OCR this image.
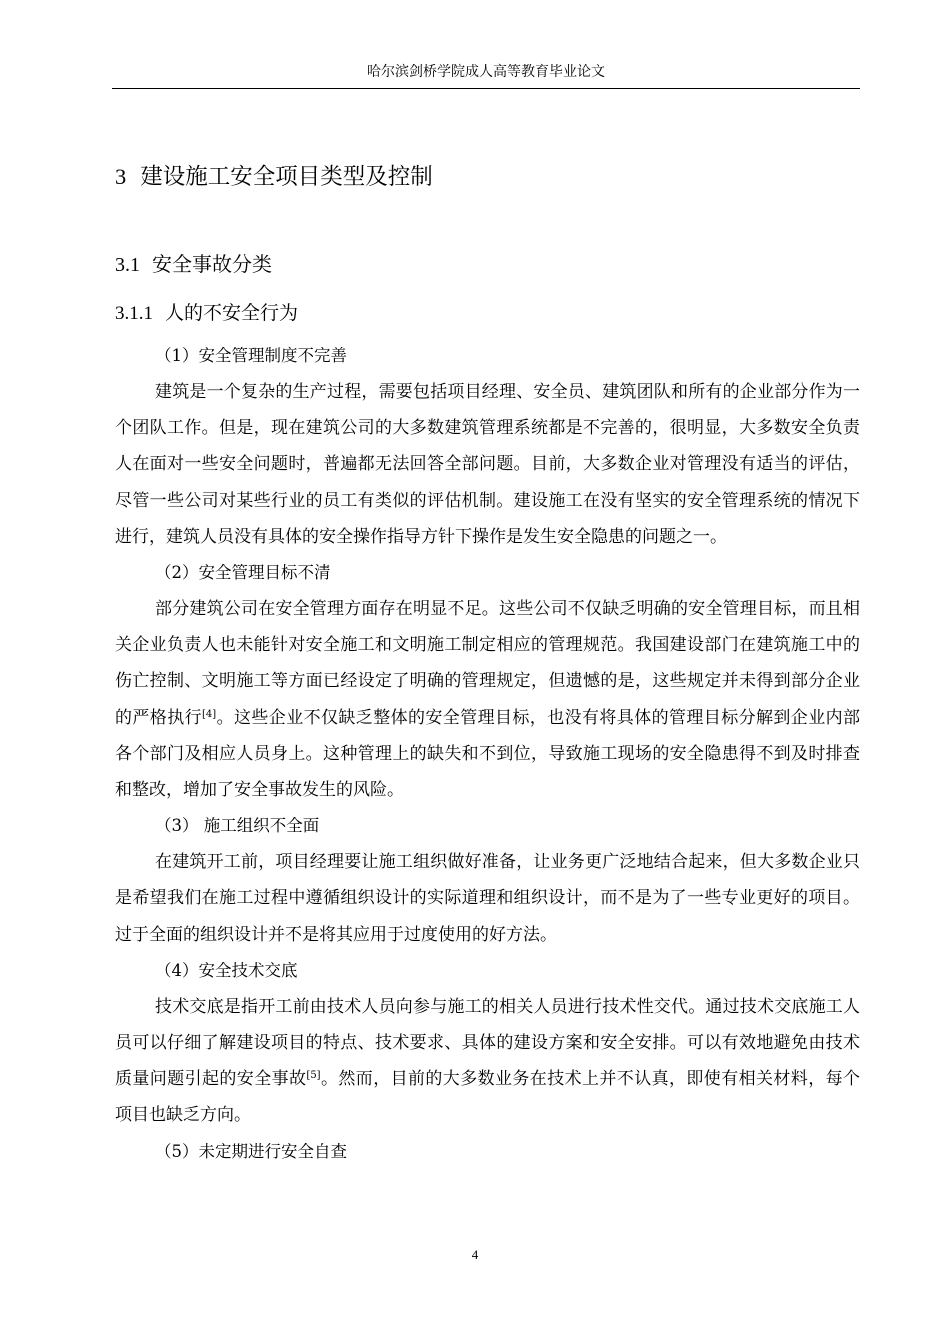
哈尔滨剑桥学院成人高等教育毕业论文
3 建设施工安全项目类型及控制
3.1 安全事故分类
3.1.1 人的不安全行为
（1）安全管理制度不完善

建筑是一个复杂的生产过程，需要包括项目经理、安全员、建筑团队和所有的企业部分作为一个团队工作。但是，现在建筑公司的大多数建筑管理系统都是不完善的，很明显，大多数安全负责人在面对一些安全问题时，普遍都无法回答全部问题。目前，大多数企业对管理没有适当的评估，尽管一些公司对某些行业的员工有类似的评估机制。建设施工在没有坚实的安全管理系统的情况下进行，建筑人员没有具体的安全操作指导方针下操作是发生安全隐患的问题之一。

（2）安全管理目标不清

部分建筑公司在安全管理方面存在明显不足。这些公司不仅缺乏明确的安全管理目标，而且相关企业负责人也未能针对安全施工和文明施工制定相应的管理规范。我国建设部门在建筑施工中的伤亡控制、文明施工等方面已经设定了明确的管理规定，但遗憾的是，这些规定并未得到部分企业的严格执行[4]。这些企业不仅缺乏整体的安全管理目标，也没有将具体的管理目标分解到企业内部各个部门及相应人员身上。这种管理上的缺失和不到位，导致施工现场的安全隐患得不到及时排查和整改，增加了安全事故发生的风险。

（3） 施工组织不全面

在建筑开工前，项目经理要让施工组织做好准备，让业务更广泛地结合起来，但大多数企业只是希望我们在施工过程中遵循组织设计的实际道理和组织设计，而不是为了一些专业更好的项目。过于全面的组织设计并不是将其应用于过度使用的好方法。

（4）安全技术交底

技术交底是指开工前由技术人员向参与施工的相关人员进行技术性交代。通过技术交底施工人员可以仔细了解建设项目的特点、技术要求、具体的建设方案和安全安排。可以有效地避免由技术质量问题引起的安全事故[5]。然而，目前的大多数业务在技术上并不认真，即使有相关材料，每个项目也缺乏方向。

（5）未定期进行安全自查
4
